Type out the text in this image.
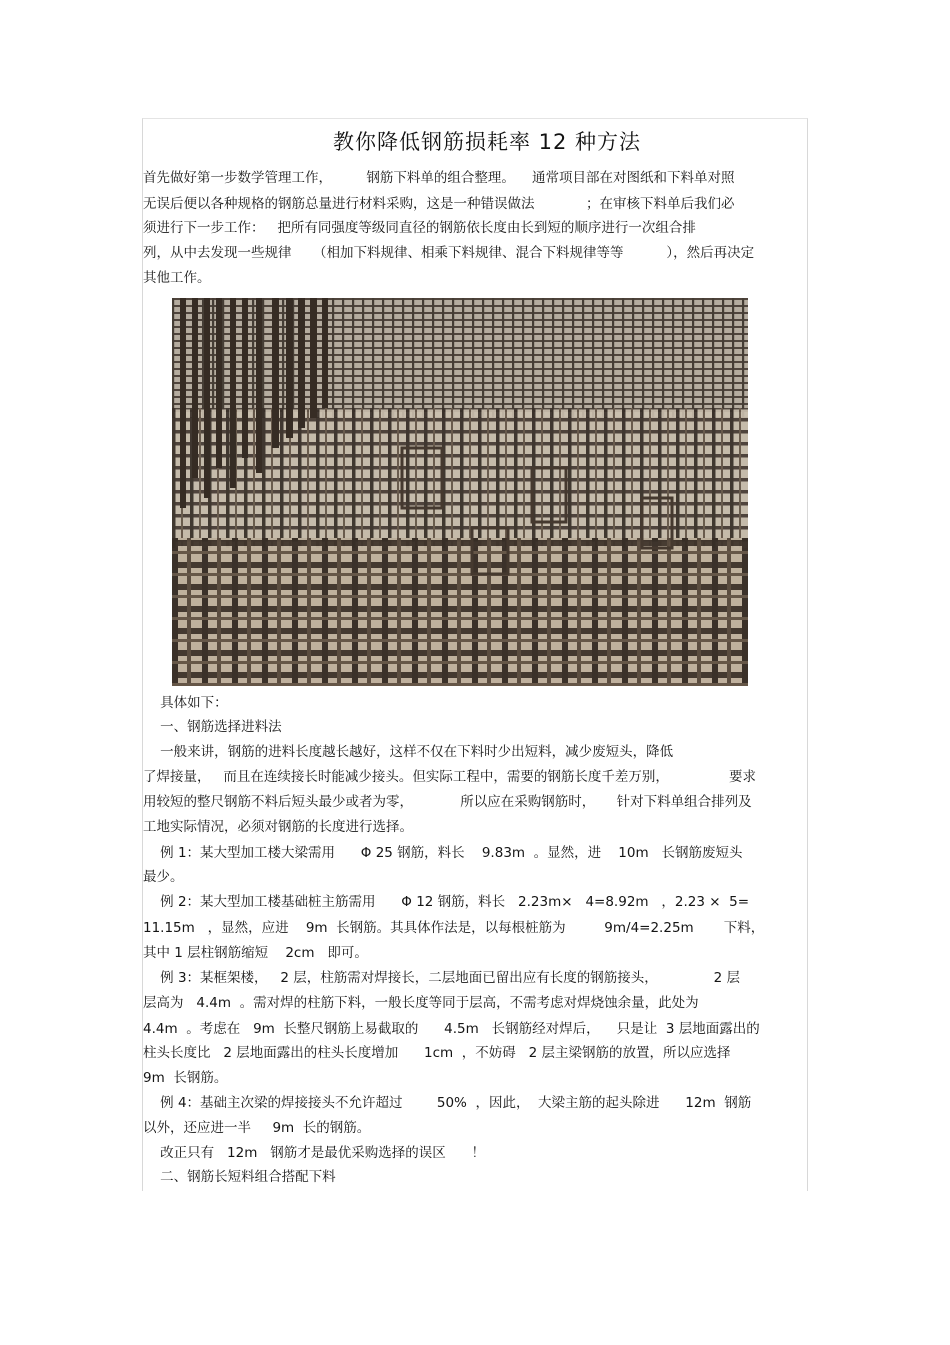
教你降低钢筋损耗率 12 种方法
首先做好第一步数学管理工作，        钢筋下料单的组合整理。    通常项目部在对图纸和下料单对照
无误后便以各种规格的钢筋总量进行材料采购，这是一种错误做法            ；在审核下料单后我们必
须进行下一步工作：   把所有同强度等级同直径的钢筋依长度由长到短的顺序进行一次组合排
列，从中去发现一些规律     （相加下料规律、相乘下料规律、混合下料规律等等          ），然后再决定
其他工作。
具体如下：
一、钢筋选择进料法
一般来讲，钢筋的进料长度越长越好，这样不仅在下料时少出短料，减少废短头，降低
了焊接量，   而且在连续接长时能减少接头。但实际工程中，需要的钢筋长度千差万别，              要求
用较短的整尺钢筋不料后短头最少或者为零，           所以应在采购钢筋时，     针对下料单组合排列及
工地实际情况，必须对钢筋的长度进行选择。
例 1：某大型加工楼大梁需用      Φ 25 钢筋，料长    9.83m  。显然，进    10m   长钢筋废短头
最少。
例 2：某大型加工楼基础桩主筋需用      Φ 12 钢筋，料长   2.23m×   4=8.92m   ，2.23 ×  5=
11.15m   ，显然，应进    9m  长钢筋。其具体作法是，以每根桩筋为         9m/4=2.25m       下料，
其中 1 层柱钢筋缩短    2cm   即可。
例 3：某框架楼，   2 层，柱筋需对焊接长，二层地面已留出应有长度的钢筋接头，             2 层
层高为   4.4m  。需对焊的柱筋下料，一般长度等同于层高，不需考虑对焊烧蚀余量，此处为
4.4m  。考虑在   9m  长整尺钢筋上易截取的      4.5m   长钢筋经对焊后，    只是让  3 层地面露出的
柱头长度比   2 层地面露出的柱头长度增加      1cm  ，不妨碍   2 层主梁钢筋的放置，所以应选择
9m  长钢筋。
例 4：基础主次梁的焊接接头不允许超过        50%  ，因此，  大梁主筋的起头除进      12m  钢筋
以外，还应进一半     9m  长的钢筋。
改正只有   12m   钢筋才是最优采购选择的误区      ！
二、钢筋长短料组合搭配下料
